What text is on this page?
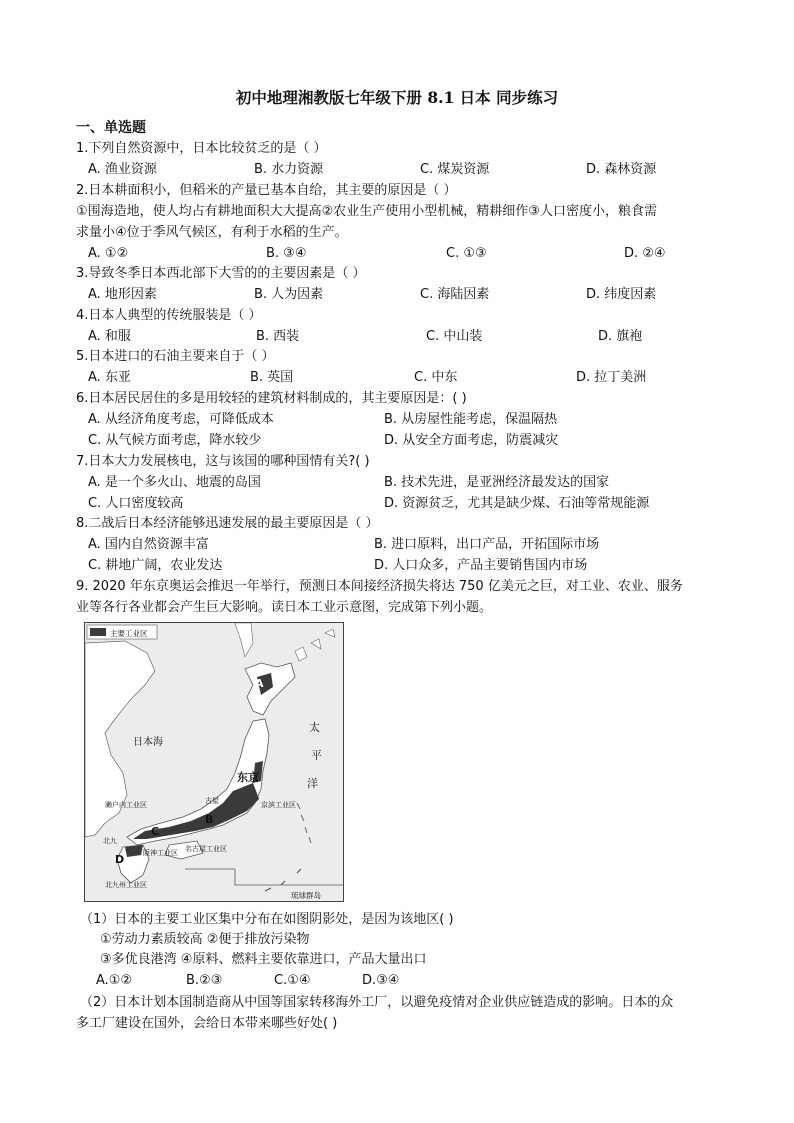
初中地理湘教版七年级下册 8.1 日本 同步练习
一、单选题
1.下列自然资源中，日本比较贫乏的是（ ）
A. 渔业资源	B. 水力资源	C. 煤炭资源	D. 森林资源
2.日本耕面积小，但稻米的产量已基本自给，其主要的原因是（ ）
①围海造地，使人均占有耕地面积大大提高②农业生产使用小型机械，精耕细作③人口密度小，粮食需
求量小④位于季风气候区，有利于水稻的生产。
A. ①②	B. ③④	C. ①③	D. ②④
3.导致冬季日本西北部下大雪的的主要因素是（ ）
A. 地形因素	B. 人为因素	C. 海陆因素	D. 纬度因素
4.日本人典型的传统服装是（ ）
A. 和服	B. 西装	C. 中山装	D. 旗袍
5.日本进口的石油主要来自于（ ）
A. 东亚	B. 英国	C. 中东	D. 拉丁美洲
6.日本居民居住的多是用较轻的建筑材料制成的，其主要原因是：( )
A. 从经济角度考虑，可降低成本	B. 从房屋性能考虑，保温隔热
C. 从气候方面考虑，降水较少	D. 从安全方面考虑，防震减灾
7.日本大力发展核电，这与该国的哪种国情有关?( )
A. 是一个多火山、地震的岛国	B. 技术先进，是亚洲经济最发达的国家
C. 人口密度较高	D. 资源贫乏，尤其是缺少煤、石油等常规能源
8.二战后日本经济能够迅速发展的最主要原因是（ ）
A. 国内自然资源丰富	B. 进口原料，出口产品，开拓国际市场
C. 耕地广阔，农业发达	D. 人口众多，产品主要销售国内市场
9. 2020 年东京奥运会推迟一年举行，预测日本间接经济损失将达 750 亿美元之巨，对工业、农业、服务
业等各行各业都会产生巨大影响。读日本工业示意图，完成第下列小题。
主要工业区
日本海
太
平
洋
A
B
C
D
东京
京滨工业区
濑户内工业区
阪神工业区 名古屋工业区
北九州工业区
北九
古屋
琉球群岛
（1）日本的主要工业区集中分布在如图阴影处，是因为该地区( )
①劳动力素质较高 ②便于排放污染物
③多优良港湾 ④原料、燃料主要依靠进口，产品大量出口
A.①②	B.②③	C.①④	D.③④
（2）日本计划本国制造商从中国等国家转移海外工厂，以避免疫情对企业供应链造成的影响。日本的众
多工厂建设在国外，会给日本带来哪些好处( )
